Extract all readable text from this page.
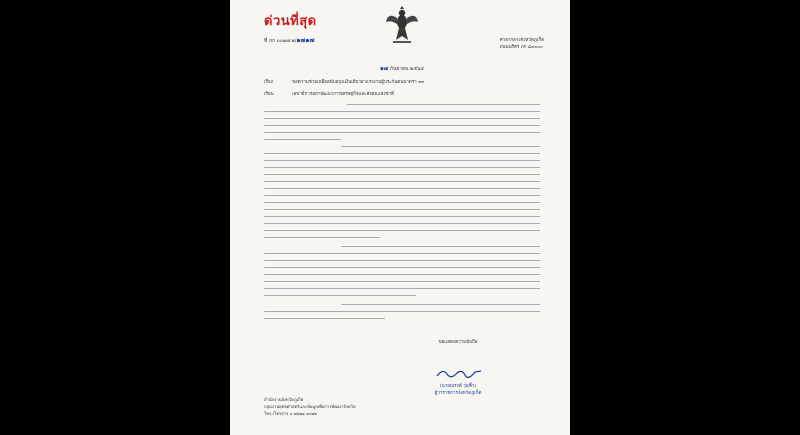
ด่วนที่สุด
ที่ ภก ๐๐๑๗.๒/๑๗๑๗	ศาลากลางจังหวัดภูเก็ต
ถนนนริศร ภก ๘๓๐๐๐
๑๗ กันยายน ๒๕๖๔
เรื่อง	ขอความช่วยเหลือสนับสนุนเงินเยียวยาแรงงานผู้ประกันตนมาตรา ๓๓
เรียน	เลขาธิการสภาพัฒนาการเศรษฐกิจและสังคมแห่งชาติ
ขอแสดงความนับถือ
(นายณรงค์ วุ่นซิ้ว)
ผู้ว่าราชการจังหวัดภูเก็ต
สำนักงานจังหวัดภูเก็ต
กลุ่มงานยุทธศาสตร์และข้อมูลเพื่อการพัฒนาจังหวัด
โทร./โทรสาร ๐ ๗๖๒๑ ๑๐๒๒
